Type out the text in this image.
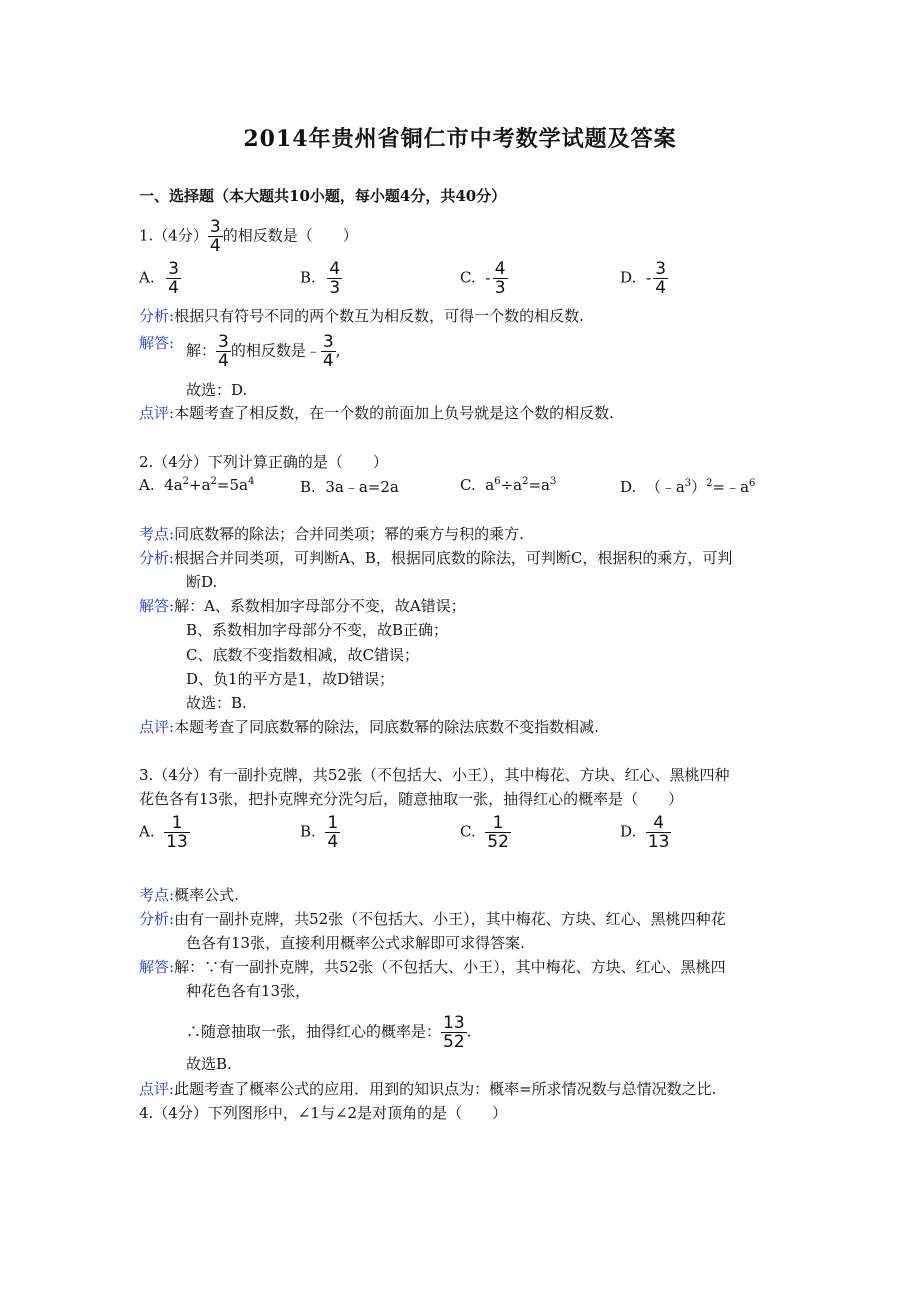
2014年贵州省铜仁市中考数学试题及答案
一、选择题（本大题共10小题，每小题4分，共40分）
1.（4分） $\frac{3}{4}$ 的相反数是（　　）
A. $\frac{3}{4}$	B. $\frac{4}{3}$	C. - $\frac{4}{3}$	D. - $\frac{3}{4}$
分析:根据只有符号不同的两个数互为相反数，可得一个数的相反数.
解答: 解： $\frac{3}{4}$ 的相反数是﹣ $\frac{3}{4}$ ,
故选：D.
点评:本题考查了相反数，在一个数的前面加上负号就是这个数的相反数.
2.（4分）下列计算正确的是（　　）
A. $4a^2+a^2=5a^4$	B. 3a﹣a=2a	C. $a^6\div a^2=a^3$	D. $(﹣a^3)^2=﹣a^6$
考点:同底数幂的除法；合并同类项；幂的乘方与积的乘方.
分析:根据合并同类项，可判断A、B，根据同底数的除法，可判断C，根据积的乘方，可判
断D.
解答:解：A、系数相加字母部分不变，故A错误；
B、系数相加字母部分不变，故B正确；
C、底数不变指数相减，故C错误；
D、负1的平方是1，故D错误；
故选：B.
点评:本题考查了同底数幂的除法，同底数幂的除法底数不变指数相减.
3.（4分）有一副扑克牌，共52张（不包括大、小王），其中梅花、方块、红心、黑桃四种
花色各有13张，把扑克牌充分洗匀后，随意抽取一张，抽得红心的概率是（　　）
A. $\frac{1}{13}$	B. $\frac{1}{4}$	C. $\frac{1}{52}$	D. $\frac{4}{13}$
考点:概率公式.
分析:由有一副扑克牌，共52张（不包括大、小王），其中梅花、方块、红心、黑桃四种花
色各有13张，直接利用概率公式求解即可求得答案.
解答:解：∵有一副扑克牌，共52张（不包括大、小王），其中梅花、方块、红心、黑桃四
种花色各有13张，
∴随意抽取一张，抽得红心的概率是： $\frac{13}{52}$ .
故选B.
点评:此题考查了概率公式的应用．用到的知识点为：概率=所求情况数与总情况数之比.
4.（4分）下列图形中，∠1与∠2是对顶角的是（　　）
